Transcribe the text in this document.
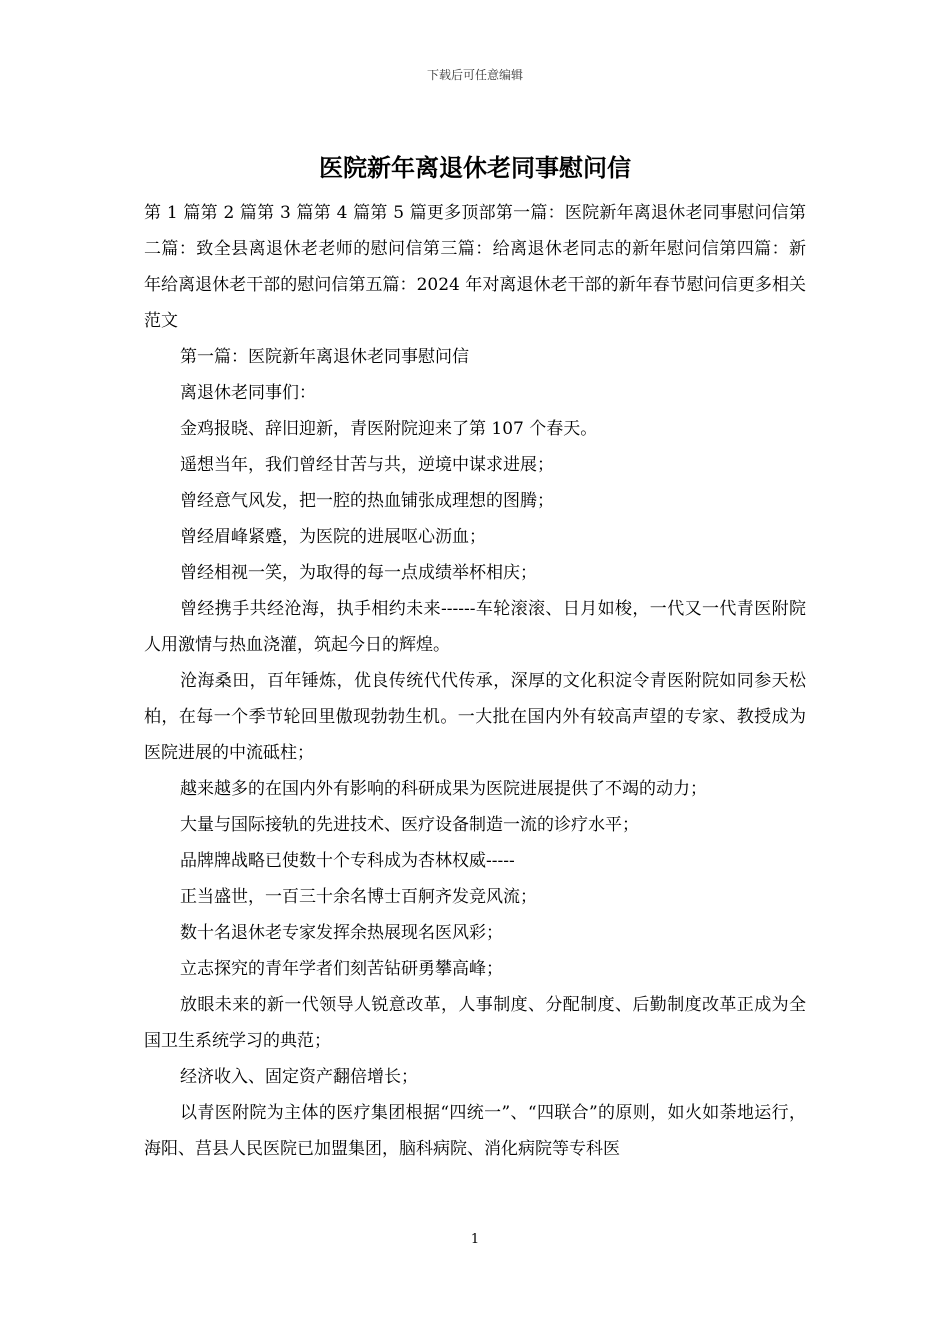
下载后可任意编辑
医院新年离退休老同事慰问信

第 1 篇第 2 篇第 3 篇第 4 篇第 5 篇更多顶部第一篇：医院新年离退休老同事慰问信第二篇：致全县离退休老老师的慰问信第三篇：给离退休老同志的新年慰问信第四篇：新年给离退休老干部的慰问信第五篇：2024 年对离退休老干部的新年春节慰问信更多相关范文

第一篇：医院新年离退休老同事慰问信

离退休老同事们：

金鸡报晓、辞旧迎新，青医附院迎来了第 107 个春天。

遥想当年，我们曾经甘苦与共，逆境中谋求进展；

曾经意气风发，把一腔的热血铺张成理想的图腾；

曾经眉峰紧蹙，为医院的进展呕心沥血；

曾经相视一笑，为取得的每一点成绩举杯相庆；

曾经携手共经沧海，执手相约未来------车轮滚滚、日月如梭，一代又一代青医附院人用激情与热血浇灌，筑起今日的辉煌。

沧海桑田，百年锤炼，优良传统代代传承，深厚的文化积淀令青医附院如同参天松柏，在每一个季节轮回里傲现勃勃生机。一大批在国内外有较高声望的专家、教授成为医院进展的中流砥柱；

越来越多的在国内外有影响的科研成果为医院进展提供了不竭的动力；

大量与国际接轨的先进技术、医疗设备制造一流的诊疗水平；

品牌牌战略已使数十个专科成为杏林权威-----

正当盛世，一百三十余名博士百舸齐发竞风流；

数十名退休老专家发挥余热展现名医风彩；

立志探究的青年学者们刻苦钻研勇攀高峰；

放眼未来的新一代领导人锐意改革，人事制度、分配制度、后勤制度改革正成为全国卫生系统学习的典范；

经济收入、固定资产翻倍增长；

以青医附院为主体的医疗集团根据“四统一”、“四联合”的原则，如火如荼地运行，海阳、莒县人民医院已加盟集团，脑科病院、消化病院等专科医

1
